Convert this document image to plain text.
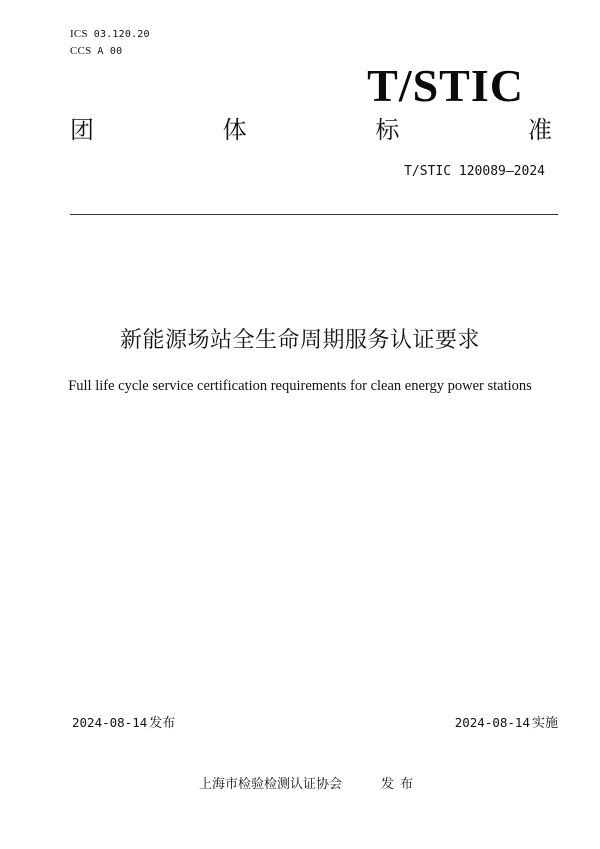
ICS 03.120.20
CCS A 00
T/STIC
团	体	标	准
T/STIC 120089—2024
新能源场站全生命周期服务认证要求
Full life cycle service certification requirements for clean energy power stations
2024-08-14 发布	2024-08-14 实施
上海市检验检测认证协会	发布
